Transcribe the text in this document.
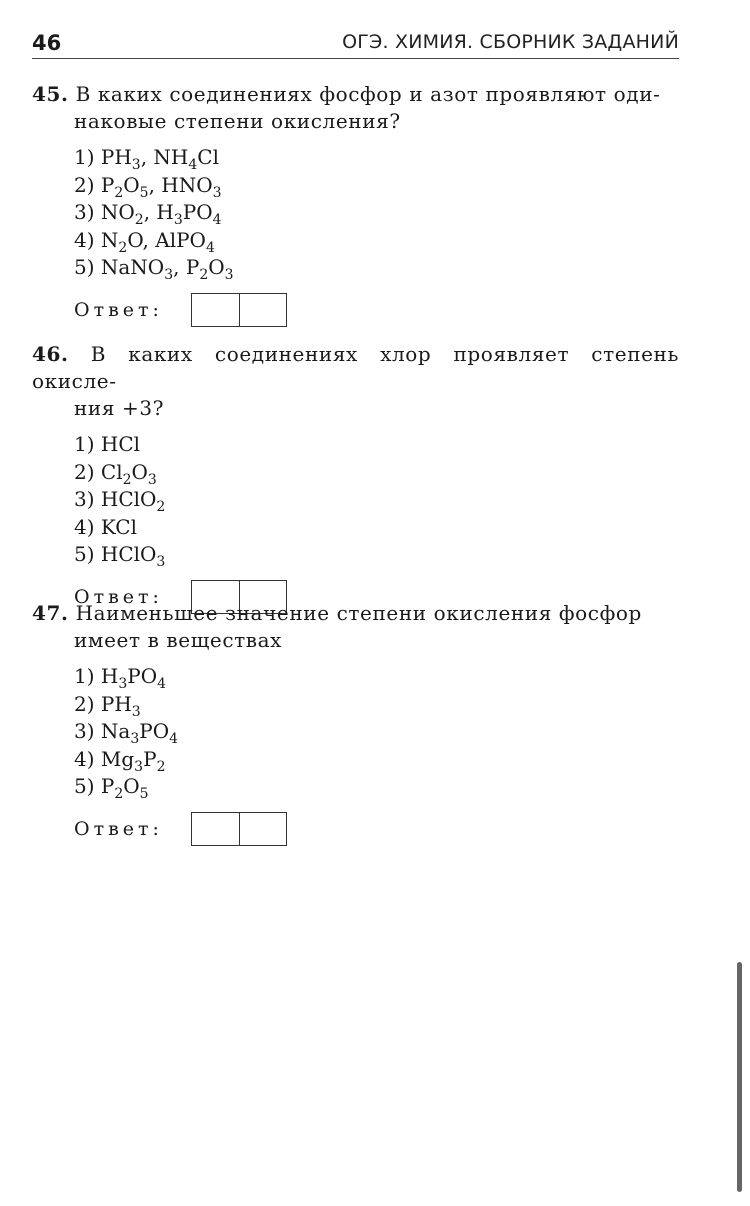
46	ОГЭ. ХИМИЯ. СБОРНИК ЗАДАНИЙ

45. В каких соединениях фосфор и азот проявляют оди-

наковые степени окисления?

1) $PH_3$, $NH_4Cl$
2) $P_2O_5$, $HNO_3$
3) $NO_2$, $H_3PO_4$
4) $N_2O$, AlPO$_4$
5) NaNO$_3$, $P_2O_3$
Ответ:

46. В каких соединениях хлор проявляет степень окисле-

ния +3?

1) HCl
2) $Cl_2O_3$
3) HClO$_2$
4) KCl
5) HClO$_3$
Ответ:

47. Наименьшее значение степени окисления фосфор

имеет в веществах

1) $H_3PO_4$
2) $PH_3$
3) $Na_3PO_4$
4) $Mg_3P_2$
5) $P_2O_5$
Ответ:
